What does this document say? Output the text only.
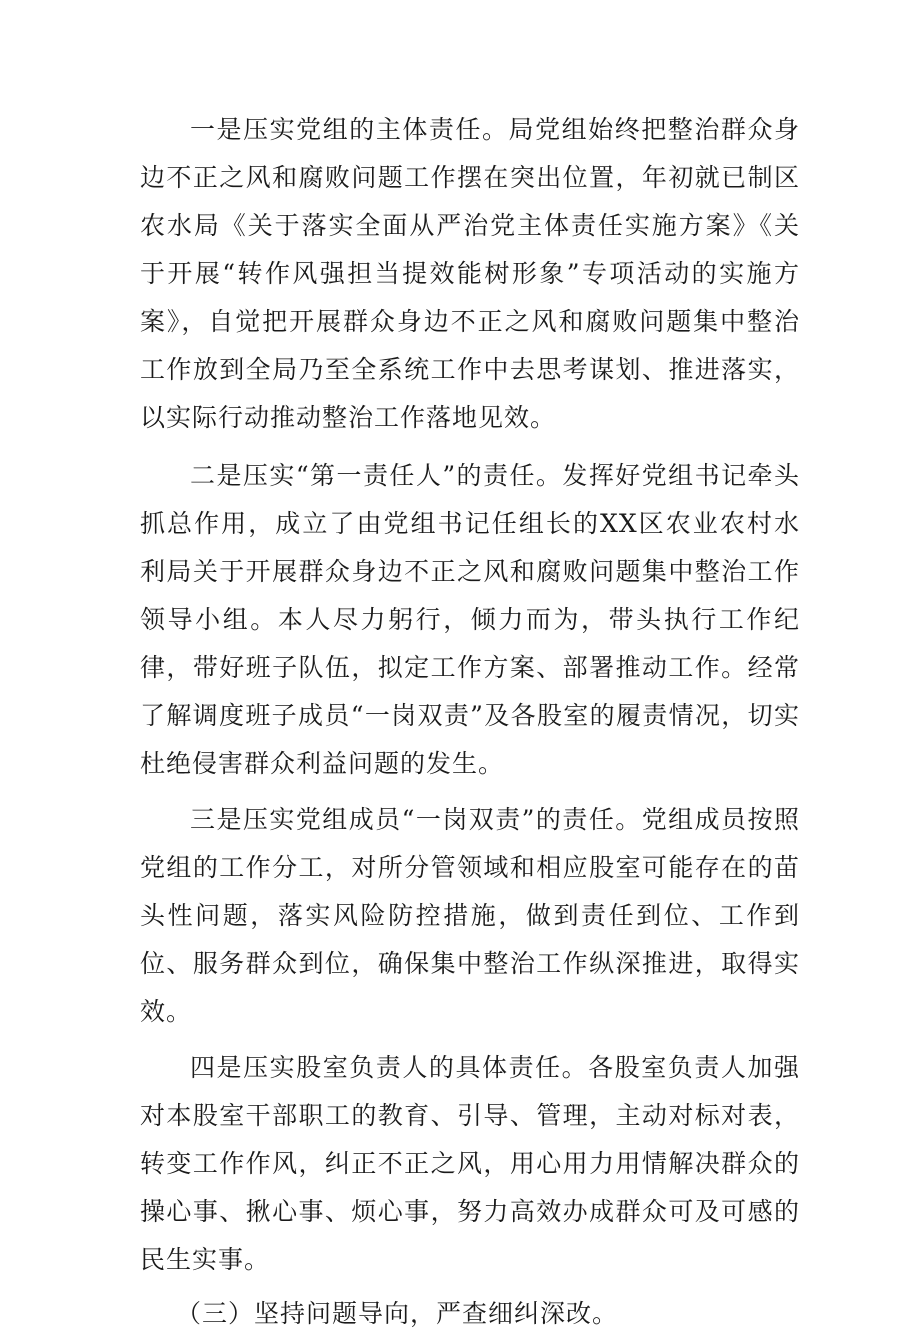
一是压实党组的主体责任。局党组始终把整治群众身边不正之风和腐败问题工作摆在突出位置，年初就已制区农水局《关于落实全面从严治党主体责任实施方案》《关于开展“转作风强担当提效能树形象”专项活动的实施方案》，自觉把开展群众身边不正之风和腐败问题集中整治工作放到全局乃至全系统工作中去思考谋划、推进落实，以实际行动推动整治工作落地见效。

二是压实“第一责任人”的责任。发挥好党组书记牵头抓总作用，成立了由党组书记任组长的XX区农业农村水利局关于开展群众身边不正之风和腐败问题集中整治工作领导小组。本人尽力躬行，倾力而为，带头执行工作纪律，带好班子队伍，拟定工作方案、部署推动工作。经常了解调度班子成员“一岗双责”及各股室的履责情况，切实杜绝侵害群众利益问题的发生。

三是压实党组成员“一岗双责”的责任。党组成员按照党组的工作分工，对所分管领域和相应股室可能存在的苗头性问题，落实风险防控措施，做到责任到位、工作到位、服务群众到位，确保集中整治工作纵深推进，取得实效。

四是压实股室负责人的具体责任。各股室负责人加强对本股室干部职工的教育、引导、管理，主动对标对表，转变工作作风，纠正不正之风，用心用力用情解决群众的操心事、揪心事、烦心事，努力高效办成群众可及可感的民生实事。

（三）坚持问题导向，严查细纠深改。
